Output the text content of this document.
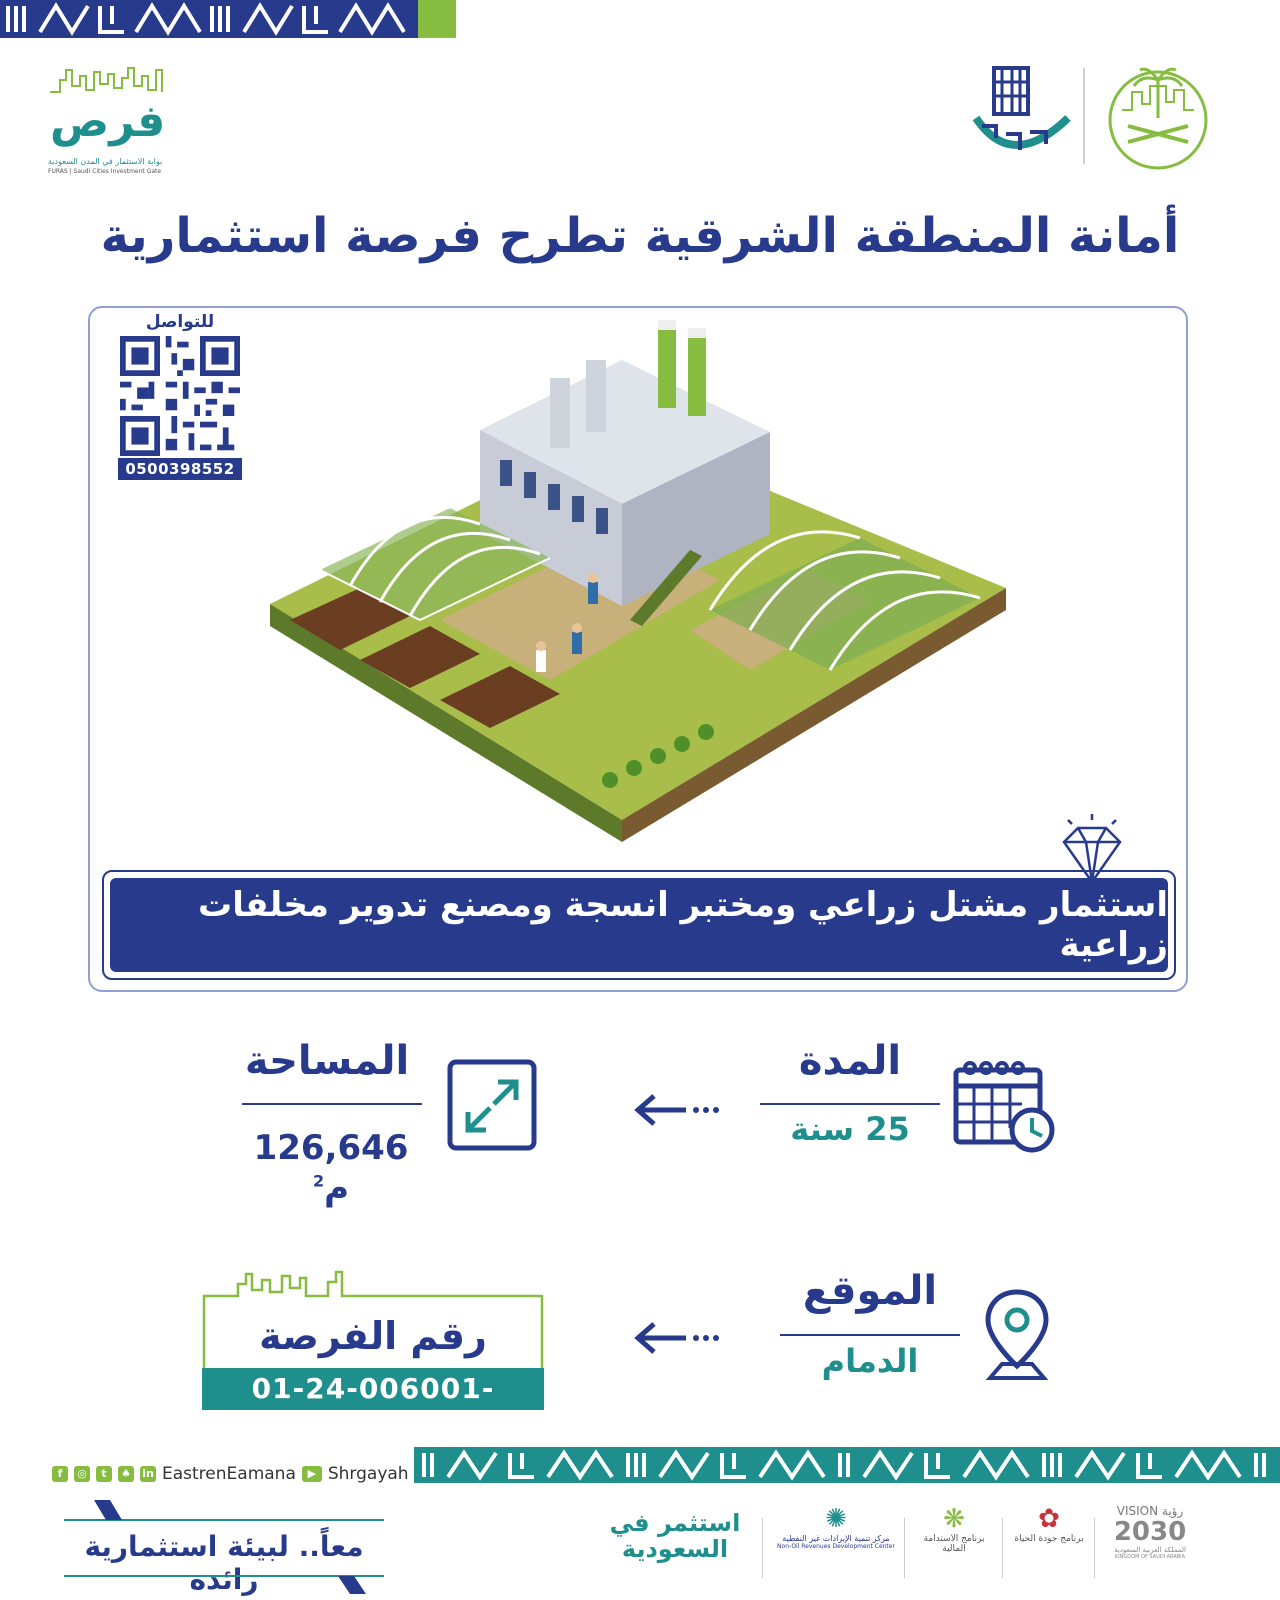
فرص
بوابة الاستثمار في المدن السعودية
FURAS | Saudi Cities Investment Gate
أمانة المنطقة الشرقية تطرح فرصة استثمارية
للتواصل
0500398552
استثمار مشتل زراعي ومختبر انسجة ومصنع تدوير مخلفات زراعية
المدة
25 سنة
المساحة
126,646 م$^2$
الموقع
الدمام
رقم الفرصة
01-24-006001-19006
f	◎	t	♠ in EastrenEamana	▶ Shrgayah
معاً.. لبيئة استثمارية رائدة
استثمر في السعودية
✺
مركز تنمية الإيرادات غير النفطية
Non-Oil Revenues Development Center
❋
برنامج الاستدامة المالية
✿
برنامج جودة الحياة
VISION رؤية
2030
المملكة العربية السعودية
KINGDOM OF SAUDI ARABIA
